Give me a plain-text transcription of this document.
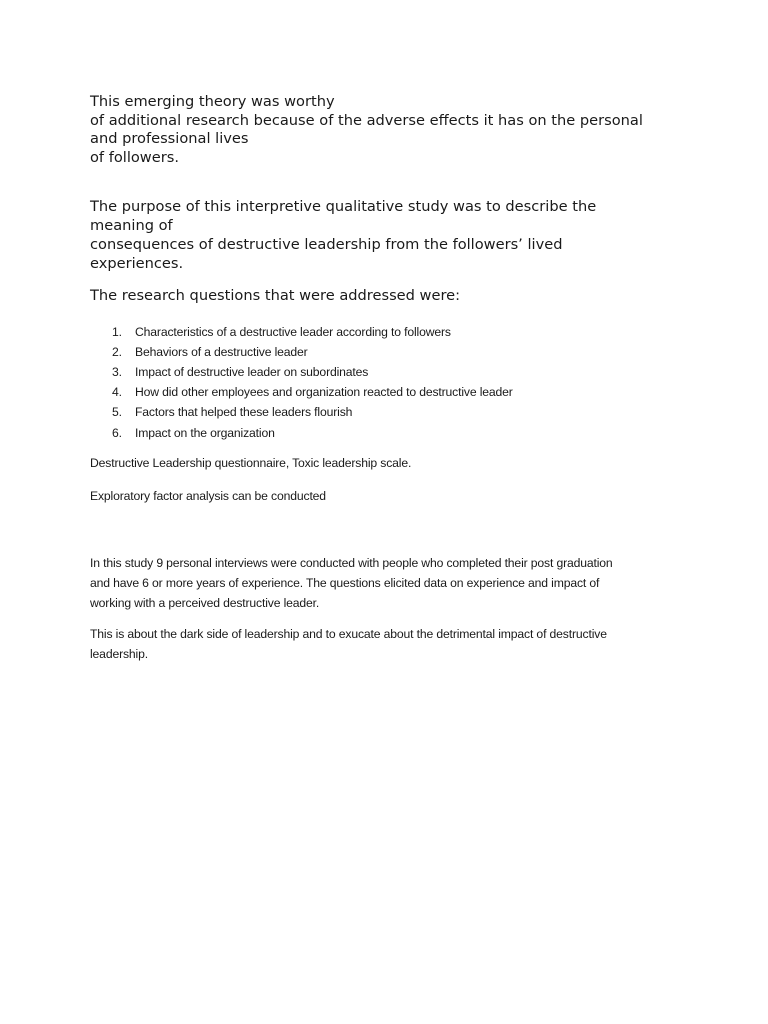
This emerging theory was worthy
of additional research because of the adverse effects it has on the personal
and professional lives
of followers.

The purpose of this interpretive qualitative study was to describe the
meaning of
consequences of destructive leadership from the followers’ lived
experiences.

The research questions that were addressed were:

1. Characteristics of a destructive leader according to followers
2. Behaviors of a destructive leader
3. Impact of destructive leader on subordinates
4. How did other employees and organization reacted to destructive leader
5. Factors that helped these leaders flourish
6. Impact on the organization

Destructive Leadership questionnaire, Toxic leadership scale.

Exploratory factor analysis can be conducted

In this study 9 personal interviews were conducted with people who completed their post graduation
and have 6 or more years of experience. The questions elicited data on experience and impact of
working with a perceived destructive leader.

This is about the dark side of leadership and to exucate about the detrimental impact of destructive
leadership.
